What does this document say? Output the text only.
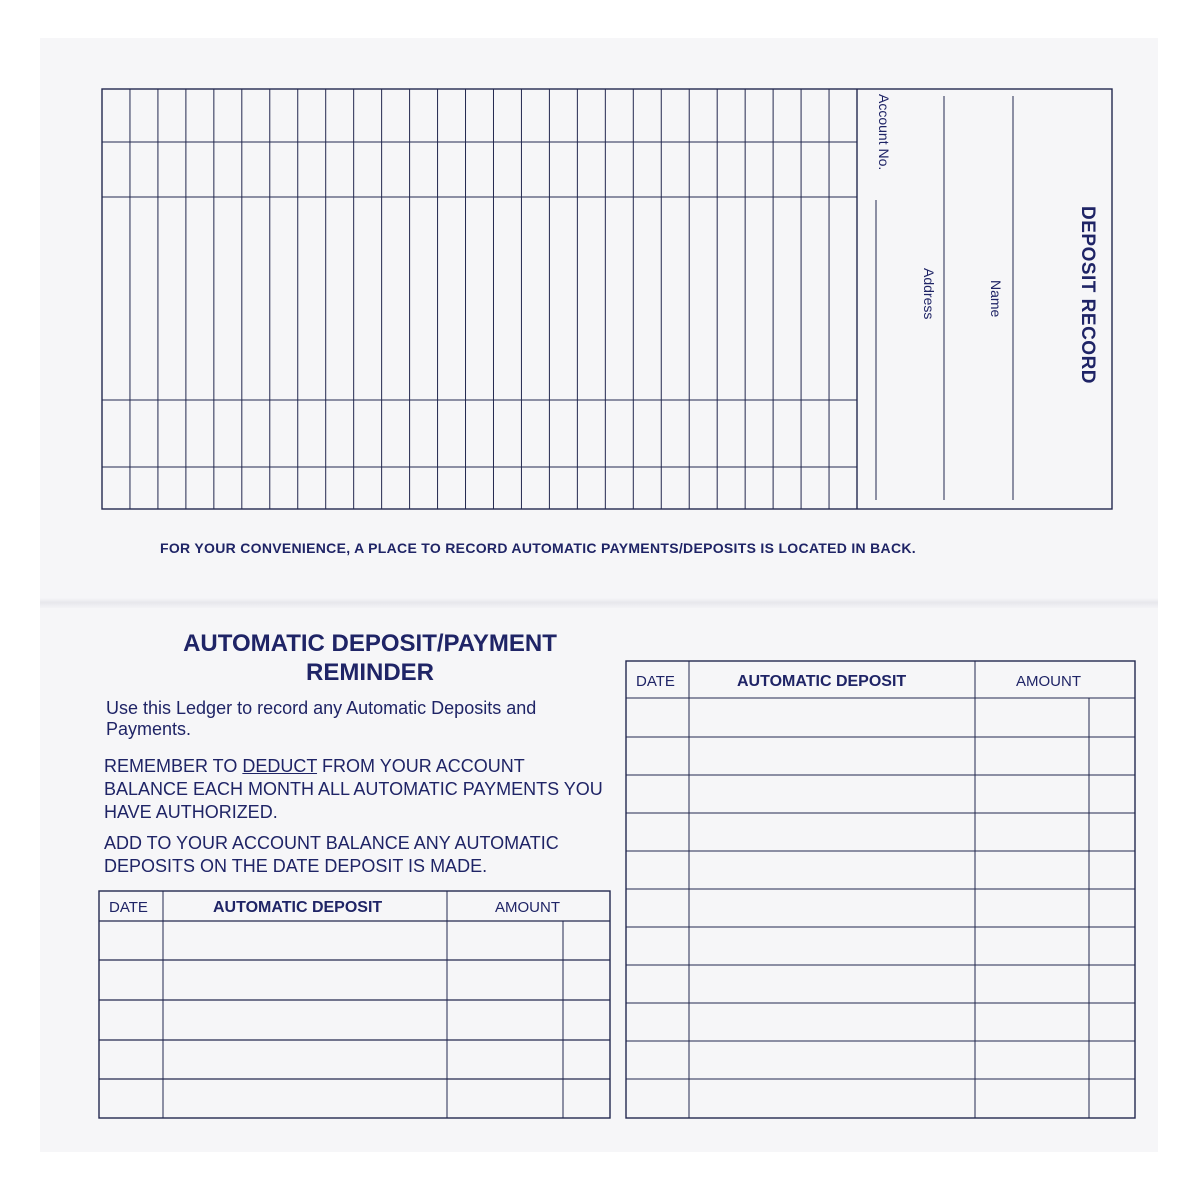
DEPOSIT RECORD
Name
Address
Account No.
FOR YOUR CONVENIENCE, A PLACE TO RECORD AUTOMATIC PAYMENTS/DEPOSITS IS LOCATED IN BACK.
AUTOMATIC DEPOSIT/PAYMENT
REMINDER
Use this Ledger to record any Automatic Deposits and Payments.
REMEMBER TO DEDUCT FROM YOUR ACCOUNT BALANCE EACH MONTH ALL AUTOMATIC PAYMENTS YOU HAVE AUTHORIZED.
ADD TO YOUR ACCOUNT BALANCE ANY AUTOMATIC DEPOSITS ON THE DATE DEPOSIT IS MADE.
DATE	AUTOMATIC DEPOSIT	AMOUNT
DATE	AUTOMATIC DEPOSIT	AMOUNT
